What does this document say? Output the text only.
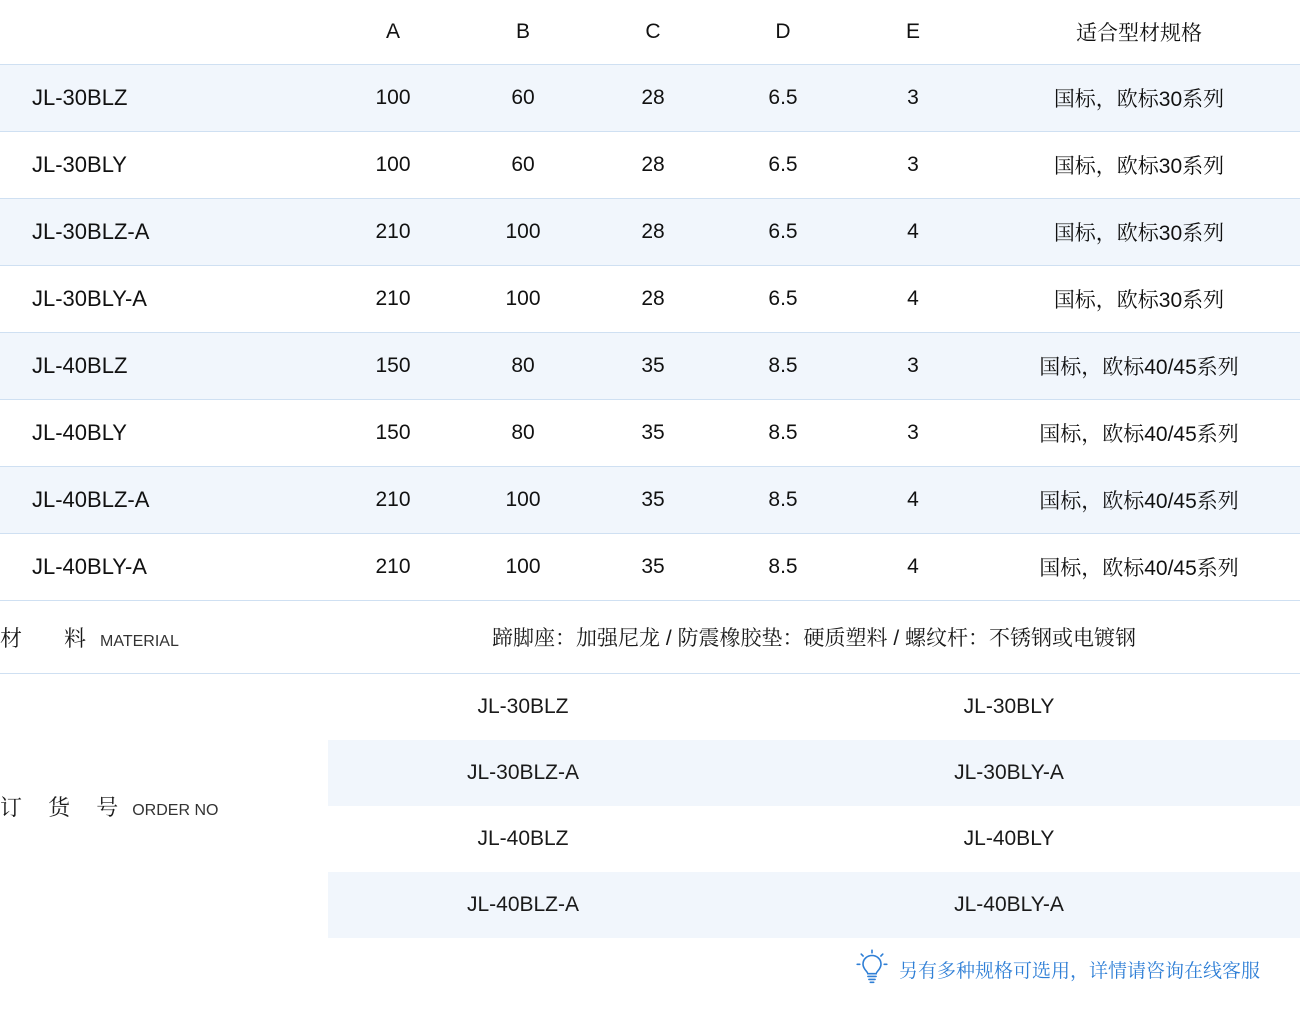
	A	B	C	D	E	适合型材规格
JL-30BLZ	100	60	28	6.5	3	国标，欧标30系列
JL-30BLY	100	60	28	6.5	3	国标，欧标30系列
JL-30BLZ-A	210	100	28	6.5	4	国标，欧标30系列
JL-30BLY-A	210	100	28	6.5	4	国标，欧标30系列
JL-40BLZ	150	80	35	8.5	3	国标，欧标40/45系列
JL-40BLY	150	80	35	8.5	3	国标，欧标40/45系列
JL-40BLZ-A	210	100	35	8.5	4	国标，欧标40/45系列
JL-40BLY-A	210	100	35	8.5	4	国标，欧标40/45系列
材　料 MATERIAL	蹄脚座：加强尼龙 / 防震橡胶垫：硬质塑料 / 螺纹杆：不锈钢或电镀钢					
订 货 号 ORDER NO	JL-30BLZ			JL-30BLY		
	JL-30BLZ-A			JL-30BLY-A		
	JL-40BLZ			JL-40BLY		
	JL-40BLZ-A			JL-40BLY-A		
另有多种规格可选用，详情请咨询在线客服
